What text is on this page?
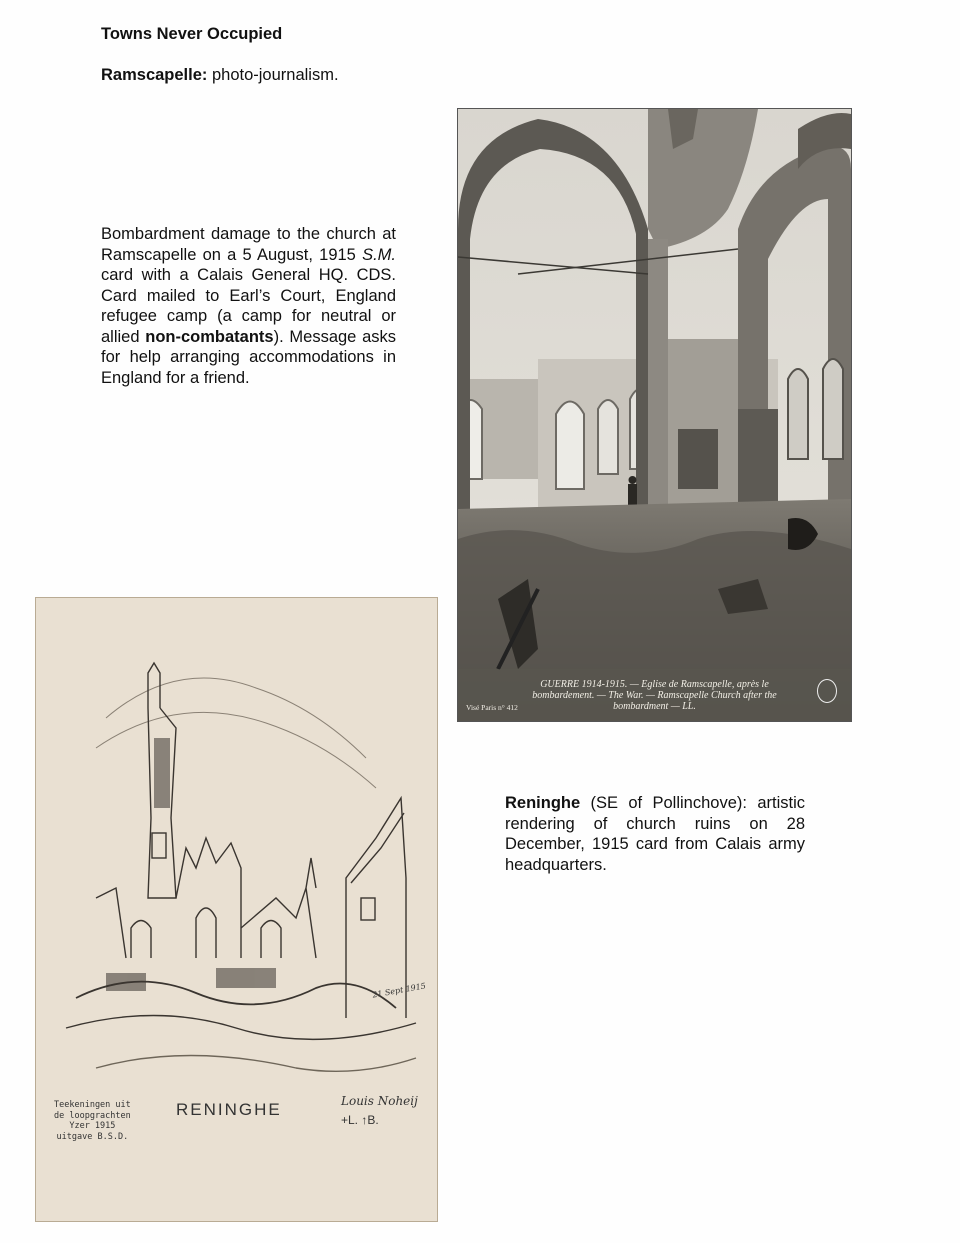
Towns Never Occupied
Ramscapelle: photo-journalism.
Bombardment damage to the church at Ramscapelle on a 5 August, 1915 S.M. card with a Calais General HQ. CDS. Card mailed to Earl’s Court, England refugee camp (a camp for neutral or allied non-combatants). Message asks for help arranging accommodations in England for a friend.
GUERRE 1914-1915. — Eglise de Ramscapelle, après le
bombardement. — The War. — Ramscapelle Church after the
bombardment — LL.
Visé Paris n° 412
21 Sept 1915
Teekeningen uit
de loopgrachten
Yzer 1915
uitgave B.S.D.
RENINGHE	Louis Noheij
+L. ↑B.
Reninghe (SE of Pollinchove): artistic rendering of church ruins on 28 December, 1915 card from Calais army headquarters.
